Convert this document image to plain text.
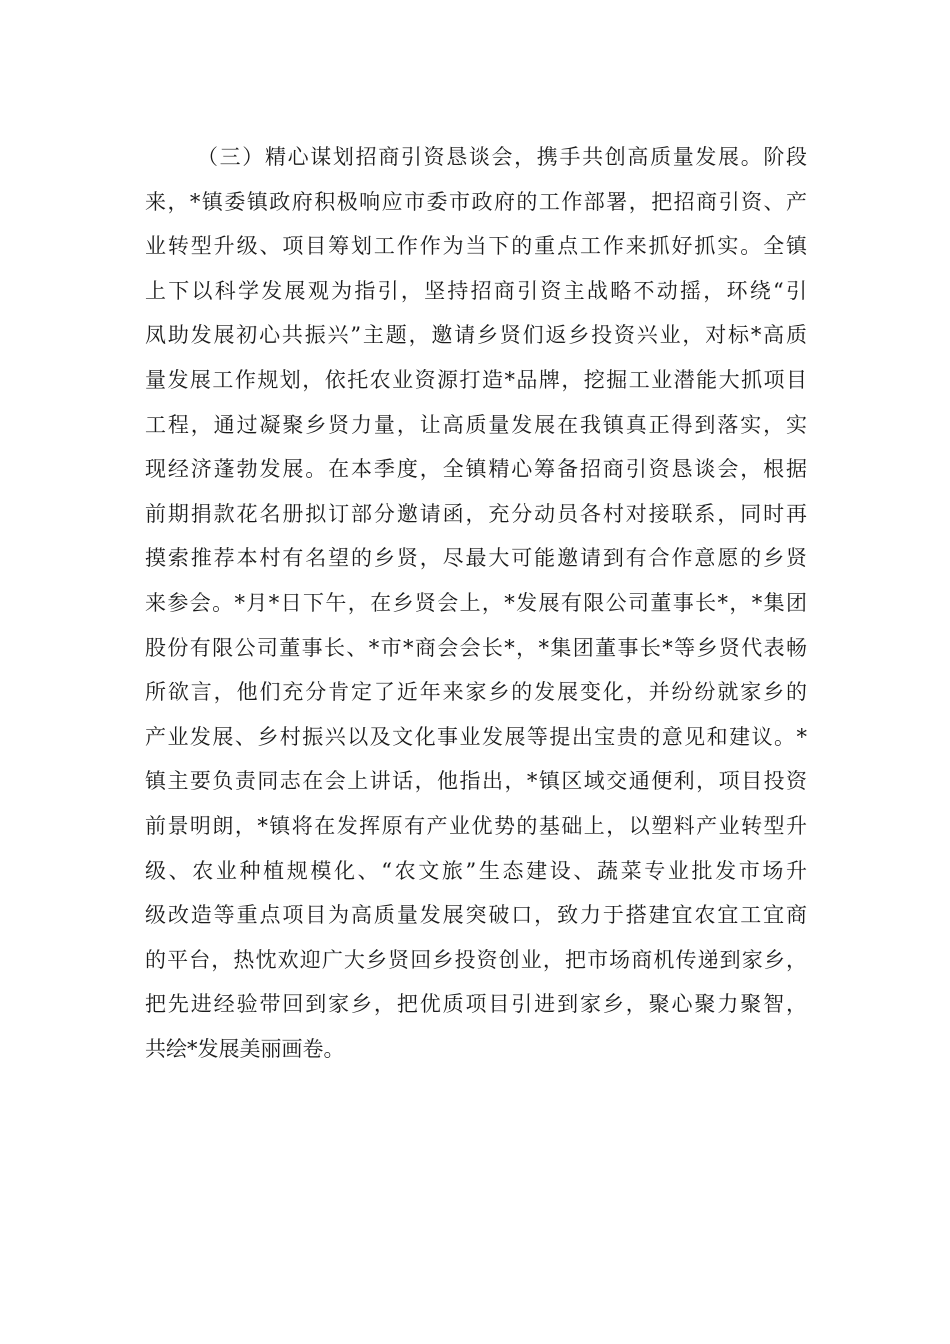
（三）精心谋划招商引资恳谈会，携手共创高质量发展。阶段
来，*镇委镇政府积极响应市委市政府的工作部署，把招商引资、产
业转型升级、项目筹划工作作为当下的重点工作来抓好抓实。全镇
上下以科学发展观为指引，坚持招商引资主战略不动摇，环绕“引
凤助发展初心共振兴”主题，邀请乡贤们返乡投资兴业，对标*高质
量发展工作规划，依托农业资源打造*品牌，挖掘工业潜能大抓项目
工程，通过凝聚乡贤力量，让高质量发展在我镇真正得到落实，实
现经济蓬勃发展。在本季度，全镇精心筹备招商引资恳谈会，根据
前期捐款花名册拟订部分邀请函，充分动员各村对接联系，同时再
摸索推荐本村有名望的乡贤，尽最大可能邀请到有合作意愿的乡贤
来参会。*月*日下午，在乡贤会上，*发展有限公司董事长*，*集团
股份有限公司董事长、*市*商会会长*，*集团董事长*等乡贤代表畅
所欲言，他们充分肯定了近年来家乡的发展变化，并纷纷就家乡的
产业发展、乡村振兴以及文化事业发展等提出宝贵的意见和建议。*
镇主要负责同志在会上讲话，他指出，*镇区域交通便利，项目投资
前景明朗，*镇将在发挥原有产业优势的基础上，以塑料产业转型升
级、农业种植规模化、“农文旅”生态建设、蔬菜专业批发市场升
级改造等重点项目为高质量发展突破口，致力于搭建宜农宜工宜商
的平台，热忱欢迎广大乡贤回乡投资创业，把市场商机传递到家乡，
把先进经验带回到家乡，把优质项目引进到家乡，聚心聚力聚智，
共绘*发展美丽画卷。
